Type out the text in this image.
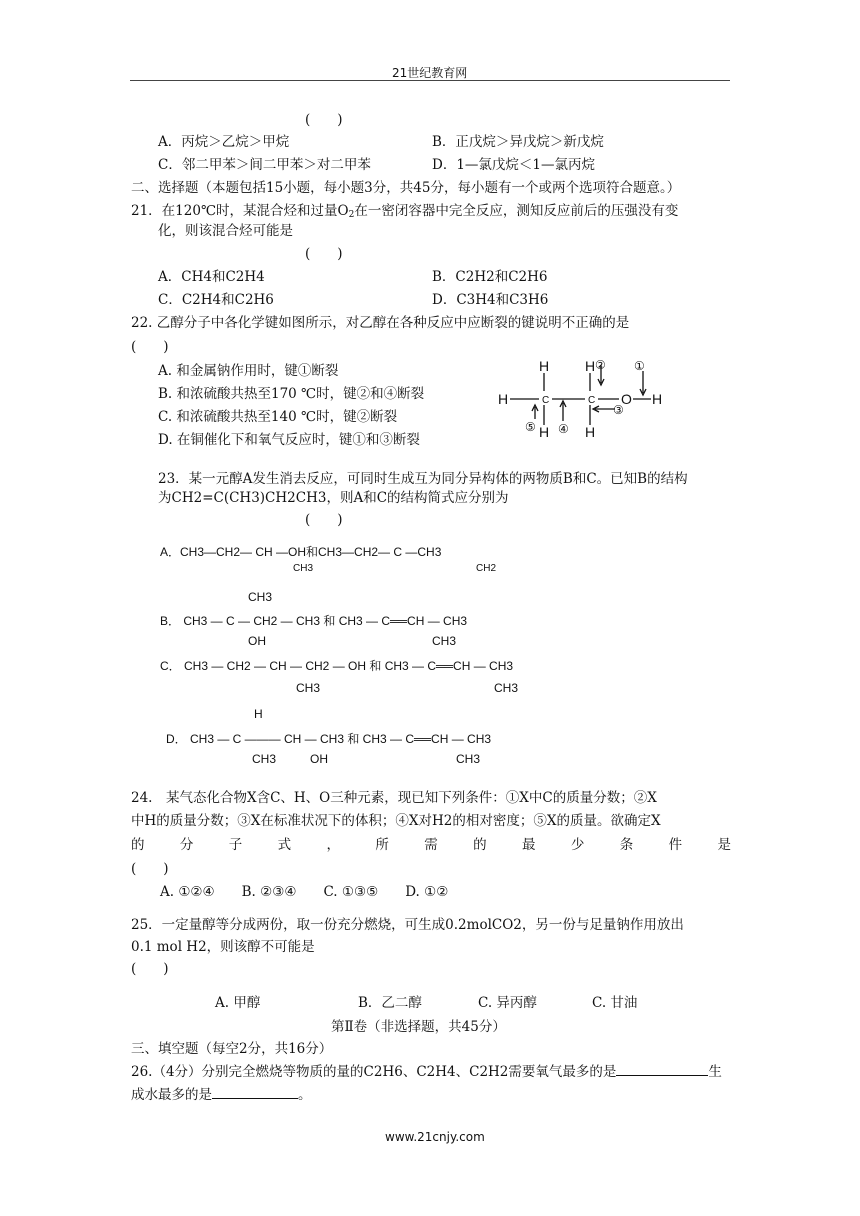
21世纪教育网
(　　)
A．丙烷＞乙烷＞甲烷	B．正戊烷＞异戊烷＞新戊烷
C．邻二甲苯＞间二甲苯＞对二甲苯	D．1—氯戊烷＜1—氯丙烷
二、选择题（本题包括15小题，每小题3分，共45分，每小题有一个或两个选项符合题意。）
21．在120℃时，某混合烃和过量$O_2$在一密闭容器中完全反应，测知反应前后的压强没有变
化，则该混合烃可能是
(　　)
A．CH4和C2H4	B．C2H2和C2H6
C．C2H4和C2H6	D．C3H4和C3H6
22. 乙醇分子中各化学键如图所示，对乙醇在各种反应中应断裂的键说明不正确的是
(　　)
A. 和金属钠作用时，键①断裂
B. 和浓硫酸共热至170 ℃时，键②和④断裂
C. 和浓硫酸共热至140 ℃时，键②断裂
D. 在铜催化下和氧气反应时，键①和③断裂
H
H
H
H
H
H
C	C O
①
②
③
④
⑤
23．某一元醇A发生消去反应，可同时生成互为同分异构体的两物质B和C。已知B的结构
为CH2=C(CH3)CH2CH3，则A和C的结构简式应分别为
(　　)
A．CH3—CH2— CH —OH和CH3—CH2— C —CH3
CH3	CH2
CH3
B． CH3 — C — CH2 — CH3 和 CH3 — C══CH — CH3
OH	CH3
C． CH3 — CH2 — CH — CH2 — OH 和 CH3 — C══CH — CH3
CH3	CH3
H
D． CH3 — C ——— CH — CH3 和 CH3 — C══CH — CH3
CH3	OH	CH3
24.　某气态化合物X含C、H、O三种元素，现已知下列条件：①X中C的质量分数；②X
中H的质量分数；③X在标准状况下的体积；④X对H2的相对密度；⑤X的质量。欲确定X
的	分	子	式	，	所	需	的	最	少	条	件	是
(　　)
A. ①②④　　B. ②③④　　C. ①③⑤　　D. ①②
25．一定量醇等分成两份，取一份充分燃烧，可生成0.2molCO2，另一份与足量钠作用放出
0.1 mol H2，则该醇不可能是
(　　)
A. 甲醇	B．乙二醇	C. 异丙醇	C. 甘油
第Ⅱ卷（非选择题，共45分）
三、填空题（每空2分，共16分）
26.（4分）分别完全燃烧等物质的量的C2H6、C2H4、C2H2需要氧气最多的是	生
成水最多的是	。
www.21cnjy.com
